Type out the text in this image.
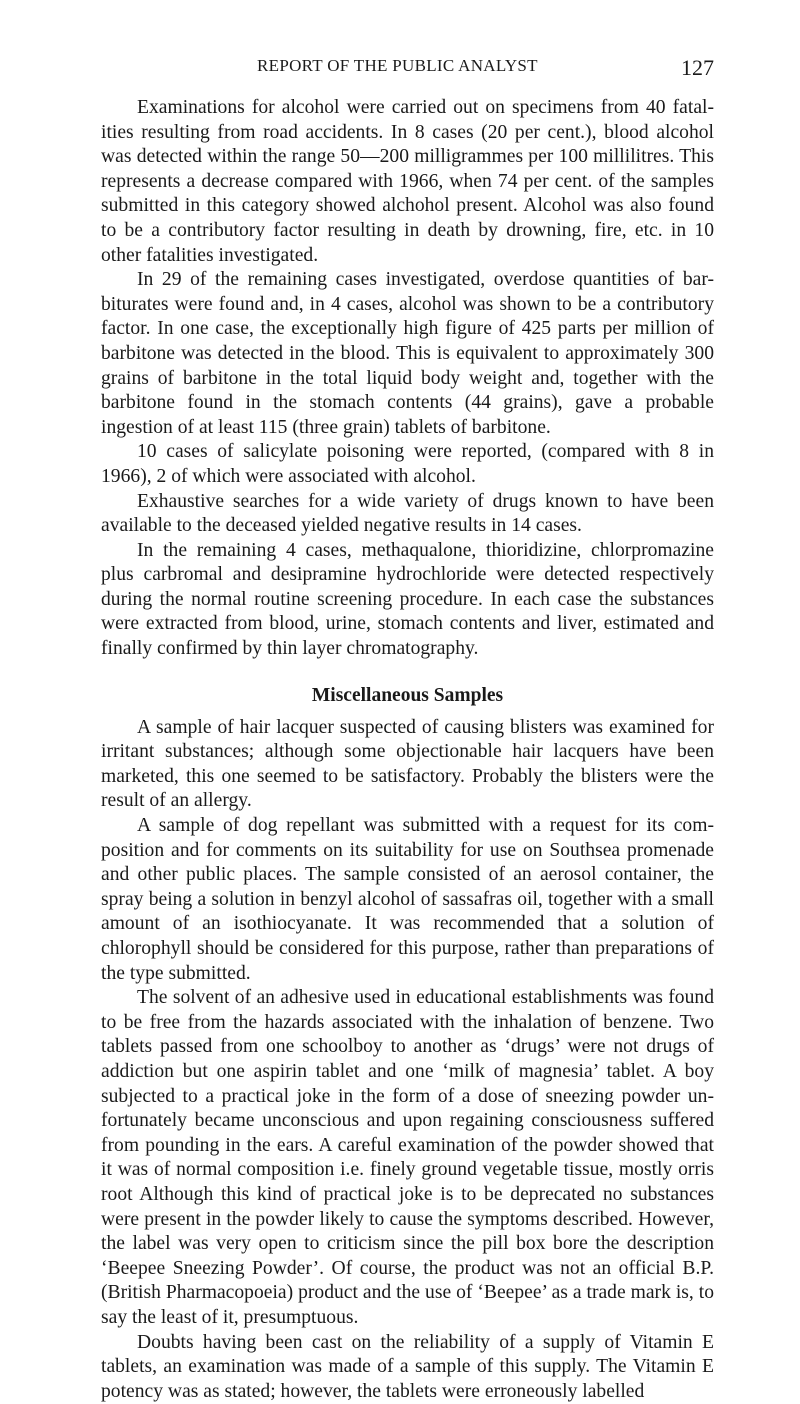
REPORT OF THE PUBLIC ANALYST	127

Examinations for alcohol were carried out on specimens from 40 fatal- ities resulting from road accidents. In 8 cases (20 per cent.), blood alcohol was detected within the range 50—200 milligrammes per 100 millilitres. This represents a decrease compared with 1966, when 74 per cent. of the samples submitted in this category showed alchohol present. Alcohol was also found to be a contributory factor resulting in death by drowning, fire, etc. in 10 other fatalities investigated.

In 29 of the remaining cases investigated, overdose quantities of bar- biturates were found and, in 4 cases, alcohol was shown to be a contributory factor. In one case, the exceptionally high figure of 425 parts per million of barbitone was detected in the blood. This is equivalent to approximately 300 grains of barbitone in the total liquid body weight and, together with the barbitone found in the stomach contents (44 grains), gave a probable ingestion of at least 115 (three grain) tablets of barbitone.

10 cases of salicylate poisoning were reported, (compared with 8 in 1966), 2 of which were associated with alcohol.

Exhaustive searches for a wide variety of drugs known to have been available to the deceased yielded negative results in 14 cases.

In the remaining 4 cases, methaqualone, thioridizine, chlorpromazine plus carbromal and desipramine hydrochloride were detected respectively during the normal routine screening procedure. In each case the substances were extracted from blood, urine, stomach contents and liver, estimated and finally confirmed by thin layer chromatography.

Miscellaneous Samples

A sample of hair lacquer suspected of causing blisters was examined for irritant substances; although some objectionable hair lacquers have been marketed, this one seemed to be satisfactory. Probably the blisters were the result of an allergy.

A sample of dog repellant was submitted with a request for its com- position and for comments on its suitability for use on Southsea promenade and other public places. The sample consisted of an aerosol container, the spray being a solution in benzyl alcohol of sassafras oil, together with a small amount of an isothiocyanate. It was recommended that a solution of chlorophyll should be considered for this purpose, rather than preparations of the type submitted.

The solvent of an adhesive used in educational establishments was found to be free from the hazards associated with the inhalation of benzene. Two tablets passed from one schoolboy to another as ‘drugs’ were not drugs of addiction but one aspirin tablet and one ‘milk of magnesia’ tablet. A boy subjected to a practical joke in the form of a dose of sneezing powder un- fortunately became unconscious and upon regaining consciousness suffered from pounding in the ears. A careful examination of the powder showed that it was of normal composition i.e. finely ground vegetable tissue, mostly orris root Although this kind of practical joke is to be deprecated no substances were present in the powder likely to cause the symptoms described. However, the label was very open to criticism since the pill box bore the description ‘Beepee Sneezing Powder’. Of course, the product was not an official B.P. (British Pharmacopoeia) product and the use of ‘Beepee’ as a trade mark is, to say the least of it, presumptuous.

Doubts having been cast on the reliability of a supply of Vitamin E tablets, an examination was made of a sample of this supply. The Vitamin E potency was as stated; however, the tablets were erroneously labelled
